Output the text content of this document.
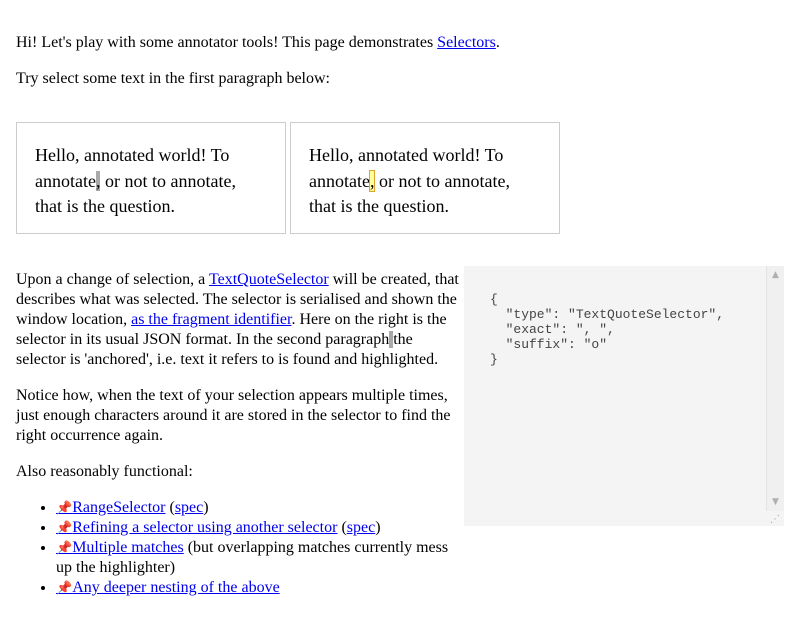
Hi! Let's play with some annotator tools! This page demonstrates Selectors.

Try select some text in the first paragraph below:

Hello, annotated world! To annotate, or not to annotate, that is the question.
Hello, annotated world! To annotate, or not to annotate, that is the question.

Upon a change of selection, a TextQuoteSelector will be created, that describes what was selected. The selector is serialised and shown the window location, as the fragment identifier. Here on the right is the selector in its usual JSON format. In the second paragraph the selector is 'anchored', i.e. text it refers to is found and highlighted.

Notice how, when the text of your selection appears multiple times, just enough characters around it are stored in the selector to find the right occurrence again.

Also reasonably functional:

• 📌RangeSelector (spec)
• 📌Refining a selector using another selector (spec)
• 📌Multiple matches (but overlapping matches currently mess up the highlighter)
• 📌Any deeper nesting of the above
{
"type": "TextQuoteSelector",
"exact": ", ",
"suffix": "o"
}
▲
▼
⋰
